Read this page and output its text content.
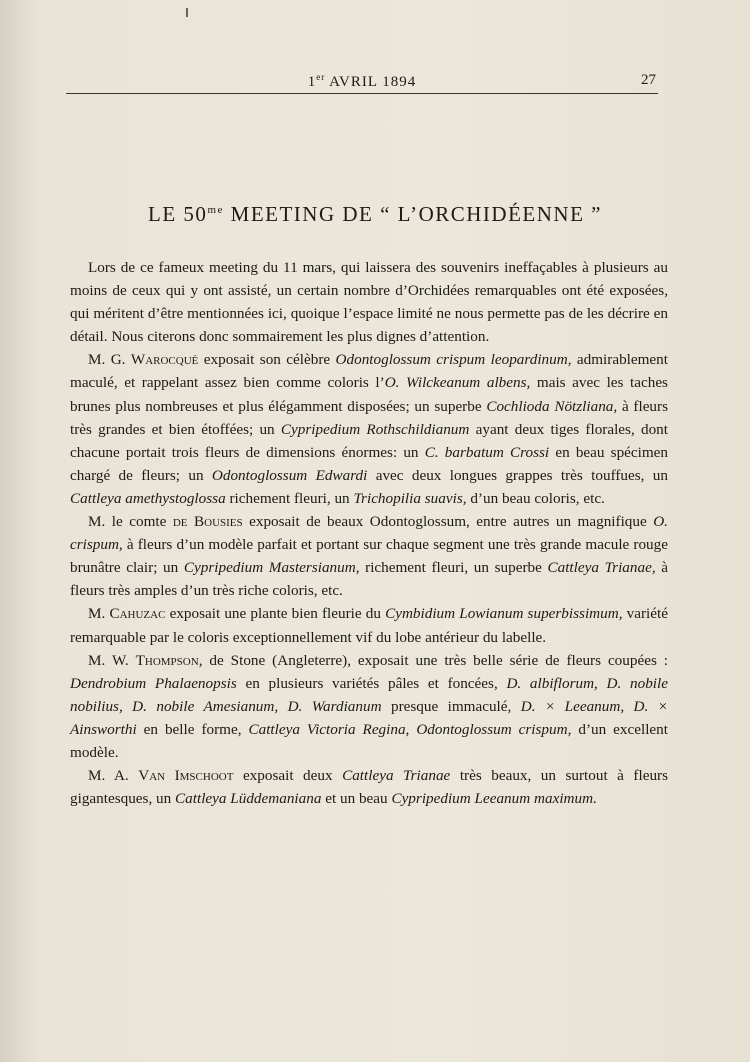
1er AVRIL 1894	27
LE $50^{me}$ MEETING DE “ L’ORCHIDÉENNE ”

Lors de ce fameux meeting du 11 mars, qui laissera des souvenirs ineffaçables à plusieurs au moins de ceux qui y ont assisté, un certain nombre d’Orchidées remarquables ont été exposées, qui méritent d’être mentionnées ici, quoique l’espace limité ne nous permette pas de les décrire en détail. Nous citerons donc sommairement les plus dignes d’attention.

M. G. Warocqué exposait son célèbre Odontoglossum crispum leopardinum, admirablement maculé, et rappelant assez bien comme coloris l’O. Wilckeanum albens, mais avec les taches brunes plus nombreuses et plus élégamment disposées; un superbe Cochlioda Nötzliana, à fleurs très grandes et bien étoffées; un Cypripedium Rothschildianum ayant deux tiges florales, dont chacune portait trois fleurs de dimensions énormes: un C. barbatum Crossi en beau spécimen chargé de fleurs; un Odontoglossum Edwardi avec deux longues grappes très touffues, un Cattleya amethystoglossa richement fleuri, un Trichopilia suavis, d’un beau coloris, etc.

M. le comte de Bousies exposait de beaux Odontoglossum, entre autres un magnifique O. crispum, à fleurs d’un modèle parfait et portant sur chaque segment une très grande macule rouge brunâtre clair; un Cypripedium Mastersianum, richement fleuri, un superbe Cattleya Trianae, à fleurs très amples d’un très riche coloris, etc.

M. Cahuzac exposait une plante bien fleurie du Cymbidium Lowianum superbissimum, variété remarquable par le coloris exceptionnellement vif du lobe antérieur du labelle.

M. W. Thompson, de Stone (Angleterre), exposait une très belle série de fleurs coupées : Dendrobium Phalaenopsis en plusieurs variétés pâles et foncées, D. albiflorum, D. nobile nobilius, D. nobile Amesianum, D. Wardianum presque immaculé, D. × Leeanum, D. × Ainsworthi en belle forme, Cattleya Victoria Regina, Odontoglossum crispum, d’un excellent modèle.

M. A. Van Imschoot exposait deux Cattleya Trianae très beaux, un surtout à fleurs gigantesques, un Cattleya Lüddemaniana et un beau Cypripedium Leeanum maximum.
